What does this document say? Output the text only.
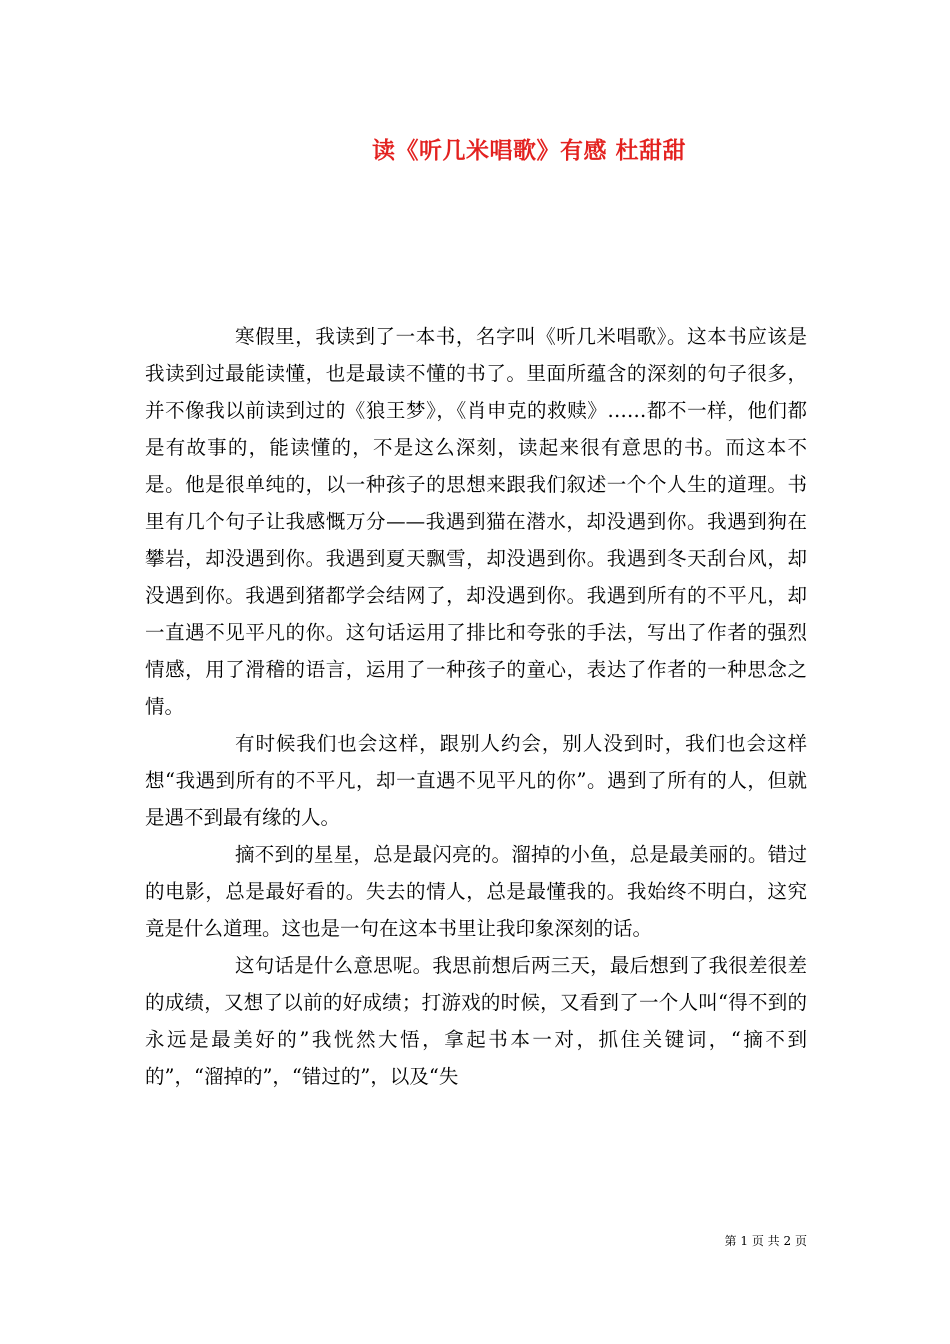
读《听几米唱歌》有感 杜甜甜

寒假里，我读到了一本书，名字叫《听几米唱歌》。这本书应该是我读到过最能读懂，也是最读不懂的书了。里面所蕴含的深刻的句子很多，并不像我以前读到过的《狼王梦》，《肖申克的救赎》……都不一样，他们都是有故事的，能读懂的，不是这么深刻，读起来很有意思的书。而这本不是。他是很单纯的，以一种孩子的思想来跟我们叙述一个个人生的道理。书里有几个句子让我感慨万分——我遇到猫在潜水，却没遇到你。我遇到狗在攀岩，却没遇到你。我遇到夏天飘雪，却没遇到你。我遇到冬天刮台风，却没遇到你。我遇到猪都学会结网了，却没遇到你。我遇到所有的不平凡，却一直遇不见平凡的你。这句话运用了排比和夸张的手法，写出了作者的强烈情感，用了滑稽的语言，运用了一种孩子的童心，表达了作者的一种思念之情。

有时候我们也会这样，跟别人约会，别人没到时，我们也会这样想“我遇到所有的不平凡，却一直遇不见平凡的你”。遇到了所有的人，但就是遇不到最有缘的人。

摘不到的星星，总是最闪亮的。溜掉的小鱼，总是最美丽的。错过的电影，总是最好看的。失去的情人，总是最懂我的。我始终不明白，这究竟是什么道理。这也是一句在这本书里让我印象深刻的话。

这句话是什么意思呢。我思前想后两三天，最后想到了我很差很差的成绩，又想了以前的好成绩；打游戏的时候，又看到了一个人叫“得不到的永远是最美好的”我恍然大悟，拿起书本一对，抓住关键词，“摘不到的”，“溜掉的”，“错过的”，以及“失

第 1 页 共 2 页
